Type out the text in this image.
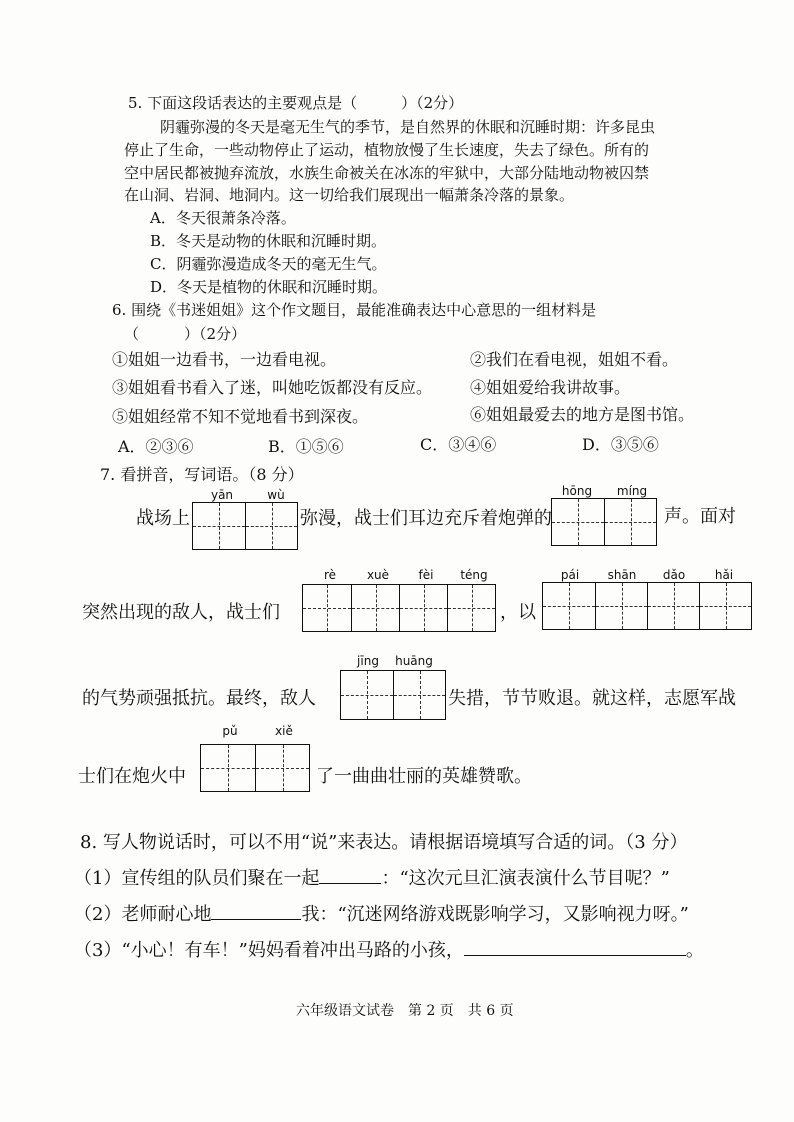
5. 下面这段话表达的主要观点是（	）（2分）
阴霾弥漫的冬天是毫无生气的季节，是自然界的休眠和沉睡时期：许多昆虫
停止了生命，一些动物停止了运动，植物放慢了生长速度，失去了绿色。所有的
空中居民都被抛弃流放，水族生命被关在冰冻的牢狱中，大部分陆地动物被囚禁
在山洞、岩洞、地洞内。这一切给我们展现出一幅萧条冷落的景象。
A．冬天很萧条冷落。
B．冬天是动物的休眠和沉睡时期。
C．阴霾弥漫造成冬天的毫无生气。
D．冬天是植物的休眠和沉睡时期。
6. 围绕《书迷姐姐》这个作文题目，最能准确表达中心意思的一组材料是
（　　　）（2分）
①姐姐一边看书，一边看电视。	②我们在看电视，姐姐不看。
③姐姐看书看入了迷，叫她吃饭都没有反应。 ④姐姐爱给我讲故事。
⑤姐姐经常不知不觉地看书到深夜。	⑥姐姐最爱去的地方是图书馆。
A．②③⑥	B．①⑤⑥	C．③④⑥	D．③⑤⑥
7. 看拼音，写词语。（8 分）
yān	wù
战场上	弥漫，战士们耳边充斥着炮弹的
hōng	míng
声。面对
rè	xuè	fèi	téng
突然出现的敌人，战士们	，以
pái	shān	dǎo	hǎi
jīng	huāng
的气势顽强抵抗。最终，敌人	失措，节节败退。就这样，志愿军战
pǔ	xiě
士们在炮火中	了一曲曲壮丽的英雄赞歌。
8. 写人物说话时，可以不用“说”来表达。请根据语境填写合适的词。（3 分）
（1）宣传组的队员们聚在一起	：“这次元旦汇演表演什么节目呢？”
（2）老师耐心地	我：“沉迷网络游戏既影响学习，又影响视力呀。”
（3）“小心！有车！”妈妈看着冲出马路的小孩，	。
六年级语文试卷　第 2 页　共 6 页
